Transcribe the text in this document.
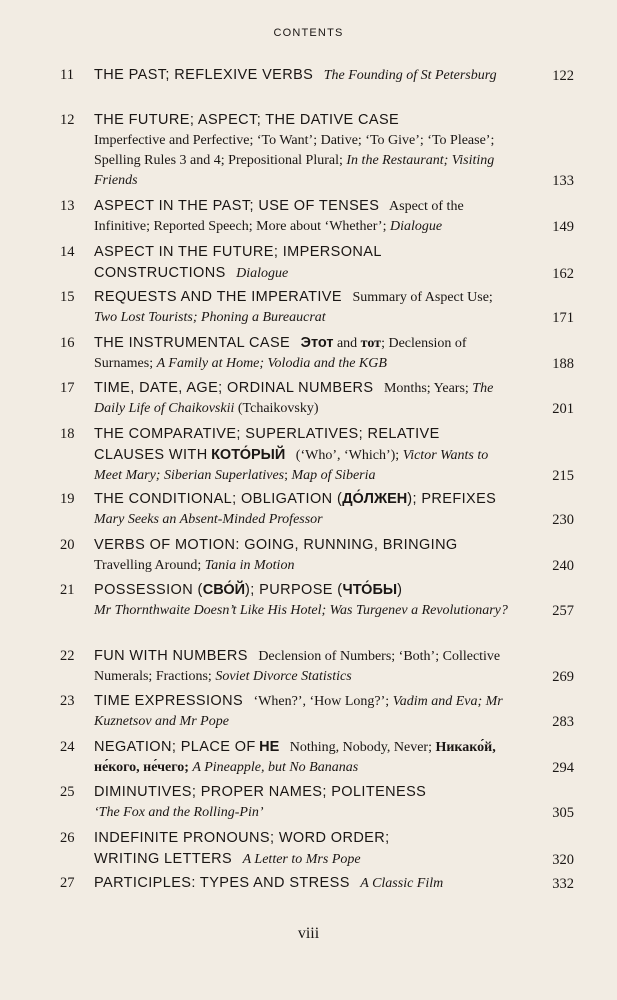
CONTENTS
11	THE PAST; REFLEXIVE VERBS The Founding of St Petersburg	122
12	THE FUTURE; ASPECT; THE DATIVE CASE
Imperfective and Perfective; ‘To Want’; Dative; ‘To Give’; ‘To Please’; Spelling Rules 3 and 4; Prepositional Plural; In the Restaurant; Visiting Friends	133
13	ASPECT IN THE PAST; USE OF TENSES Aspect of the Infinitive; Reported Speech; More about ‘Whether’; Dialogue	149
14	ASPECT IN THE FUTURE; IMPERSONAL CONSTRUCTIONS Dialogue	162
15	REQUESTS AND THE IMPERATIVE Summary of Aspect Use; Two Lost Tourists; Phoning a Bureaucrat	171
16	THE INSTRUMENTAL CASE Этот and тот; Declension of Surnames; A Family at Home; Volodia and the KGB	188
17	TIME, DATE, AGE; ORDINAL NUMBERS Months; Years; The Daily Life of Chaikovskii (Tchaikovsky)	201
18	THE COMPARATIVE; SUPERLATIVES; RELATIVE CLAUSES WITH КОТО́РЫЙ (‘Who’, ‘Which’); Victor Wants to Meet Mary; Siberian Superlatives; Map of Siberia	215
19	THE CONDITIONAL; OBLIGATION (ДО́ЛЖЕН); PREFIXES   Mary Seeks an Absent-Minded Professor	230
20	VERBS OF MOTION: GOING, RUNNING, BRINGING
Travelling Around; Tania in Motion	240
21	POSSESSION (СВО́Й); PURPOSE (ЧТО́БЫ)
Mr Thornthwaite Doesn’t Like His Hotel; Was Turgenev a Revolutionary?	257
22	FUN WITH NUMBERS Declension of Numbers; ‘Both’; Collective Numerals; Fractions; Soviet Divorce Statistics	269
23	TIME EXPRESSIONS ‘When?’, ‘How Long?’; Vadim and Eva; Mr Kuznetsov and Mr Pope	283
24	NEGATION; PLACE OF НЕ Nothing, Nobody, Never; Никако́й, не́кого, не́чего; A Pineapple, but No Bananas	294
25	DIMINUTIVES; PROPER NAMES; POLITENESS
‘The Fox and the Rolling-Pin’	305
26	INDEFINITE PRONOUNS; WORD ORDER; WRITING LETTERS A Letter to Mrs Pope	320
27	PARTICIPLES: TYPES AND STRESS A Classic Film	332
viii
